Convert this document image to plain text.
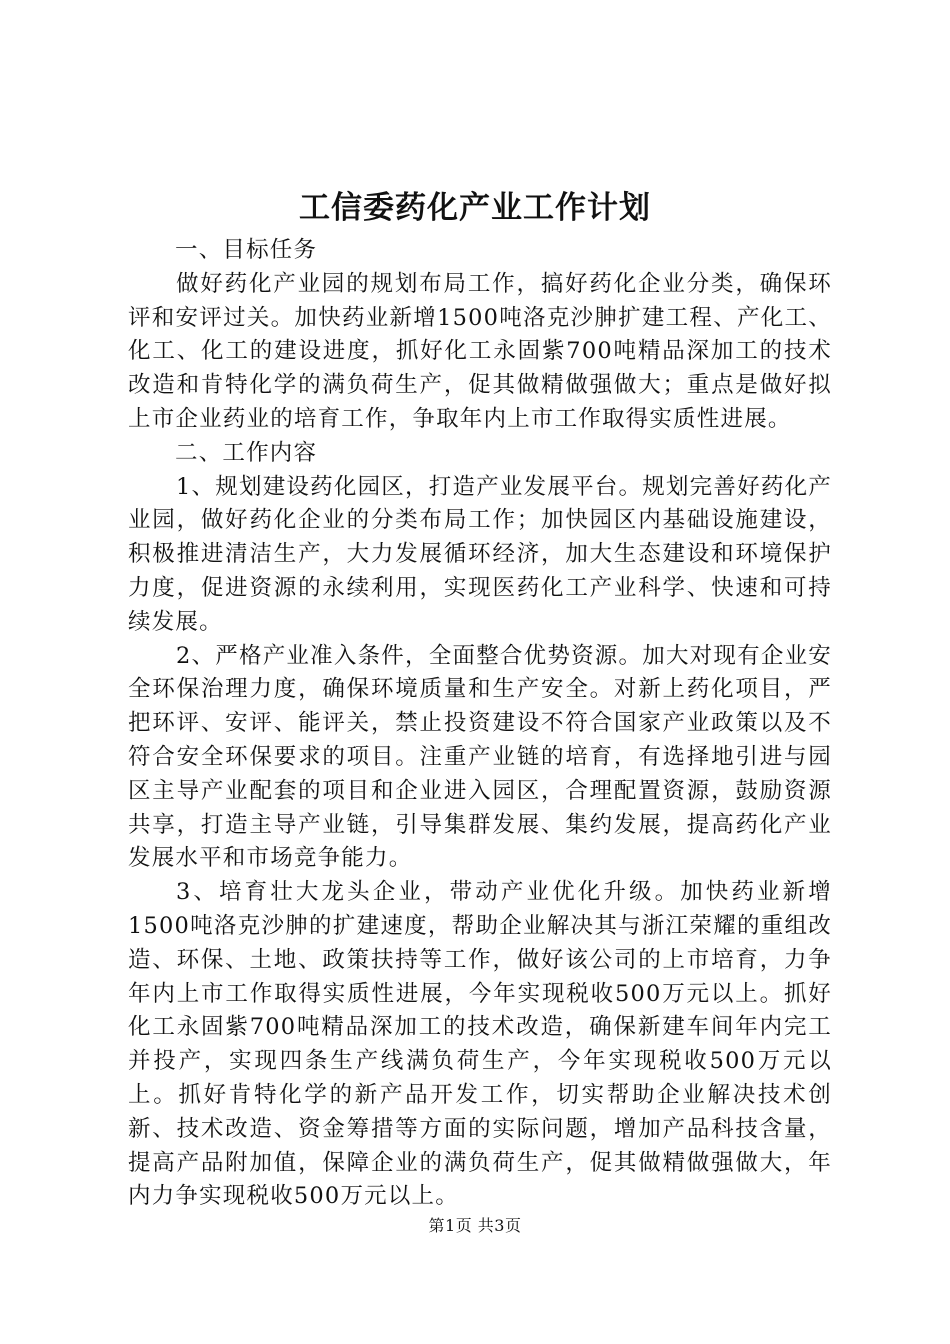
工信委药化产业工作计划

一、目标任务

做好药化产业园的规划布局工作，搞好药化企业分类，确保环评和安评过关。加快药业新增1500吨洛克沙胂扩建工程、产化工、化工、化工的建设进度，抓好化工永固紫700吨精品深加工的技术改造和肯特化学的满负荷生产，促其做精做强做大；重点是做好拟上市企业药业的培育工作，争取年内上市工作取得实质性进展。

二、工作内容

1、规划建设药化园区，打造产业发展平台。规划完善好药化产业园，做好药化企业的分类布局工作；加快园区内基础设施建设，积极推进清洁生产，大力发展循环经济，加大生态建设和环境保护力度，促进资源的永续利用，实现医药化工产业科学、快速和可持续发展。

2、严格产业准入条件，全面整合优势资源。加大对现有企业安全环保治理力度，确保环境质量和生产安全。对新上药化项目，严把环评、安评、能评关，禁止投资建设不符合国家产业政策以及不符合安全环保要求的项目。注重产业链的培育，有选择地引进与园区主导产业配套的项目和企业进入园区，合理配置资源，鼓励资源共享，打造主导产业链，引导集群发展、集约发展，提高药化产业发展水平和市场竞争能力。

3、培育壮大龙头企业，带动产业优化升级。加快药业新增1500吨洛克沙胂的扩建速度，帮助企业解决其与浙江荣耀的重组改造、环保、土地、政策扶持等工作，做好该公司的上市培育，力争年内上市工作取得实质性进展，今年实现税收500万元以上。抓好化工永固紫700吨精品深加工的技术改造，确保新建车间年内完工并投产，实现四条生产线满负荷生产，今年实现税收500万元以上。抓好肯特化学的新产品开发工作，切实帮助企业解决技术创新、技术改造、资金筹措等方面的实际问题，增加产品科技含量，提高产品附加值，保障企业的满负荷生产，促其做精做强做大，年内力争实现税收500万元以上。

第1页 共3页
